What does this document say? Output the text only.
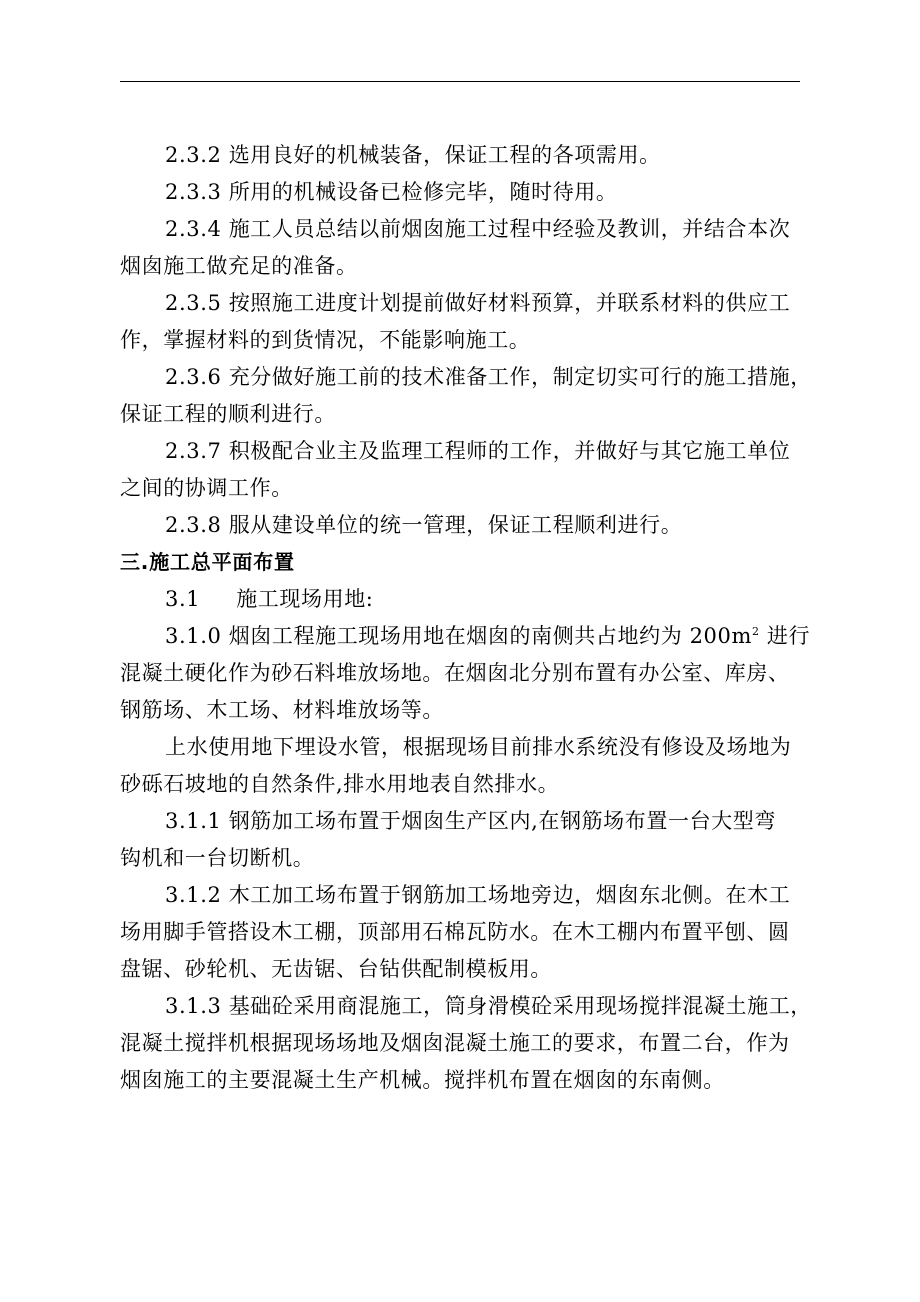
2.3.2 选用良好的机械装备，保证工程的各项需用。
2.3.3 所用的机械设备已检修完毕，随时待用。
2.3.4 施工人员总结以前烟囱施工过程中经验及教训，并结合本次
烟囱施工做充足的准备。
2.3.5 按照施工进度计划提前做好材料预算，并联系材料的供应工
作，掌握材料的到货情况，不能影响施工。
2.3.6 充分做好施工前的技术准备工作，制定切实可行的施工措施，
保证工程的顺利进行。
2.3.7 积极配合业主及监理工程师的工作，并做好与其它施工单位
之间的协调工作。
2.3.8 服从建设单位的统一管理，保证工程顺利进行。
三.施工总平面布置
3.1 施工现场用地:
3.1.0 烟囱工程施工现场用地在烟囱的南侧共占地约为 $200m^2$ 进行
混凝土硬化作为砂石料堆放场地。在烟囱北分别布置有办公室、库房、
钢筋场、木工场、材料堆放场等。
上水使用地下埋设水管，根据现场目前排水系统没有修设及场地为
砂砾石坡地的自然条件,排水用地表自然排水。
3.1.1 钢筋加工场布置于烟囱生产区内,在钢筋场布置一台大型弯
钩机和一台切断机。
3.1.2 木工加工场布置于钢筋加工场地旁边，烟囱东北侧。在木工
场用脚手管搭设木工棚，顶部用石棉瓦防水。在木工棚内布置平刨、圆
盘锯、砂轮机、无齿锯、台钻供配制模板用。
3.1.3 基础砼采用商混施工，筒身滑模砼采用现场搅拌混凝土施工，
混凝土搅拌机根据现场场地及烟囱混凝土施工的要求，布置二台，作为
烟囱施工的主要混凝土生产机械。搅拌机布置在烟囱的东南侧。
